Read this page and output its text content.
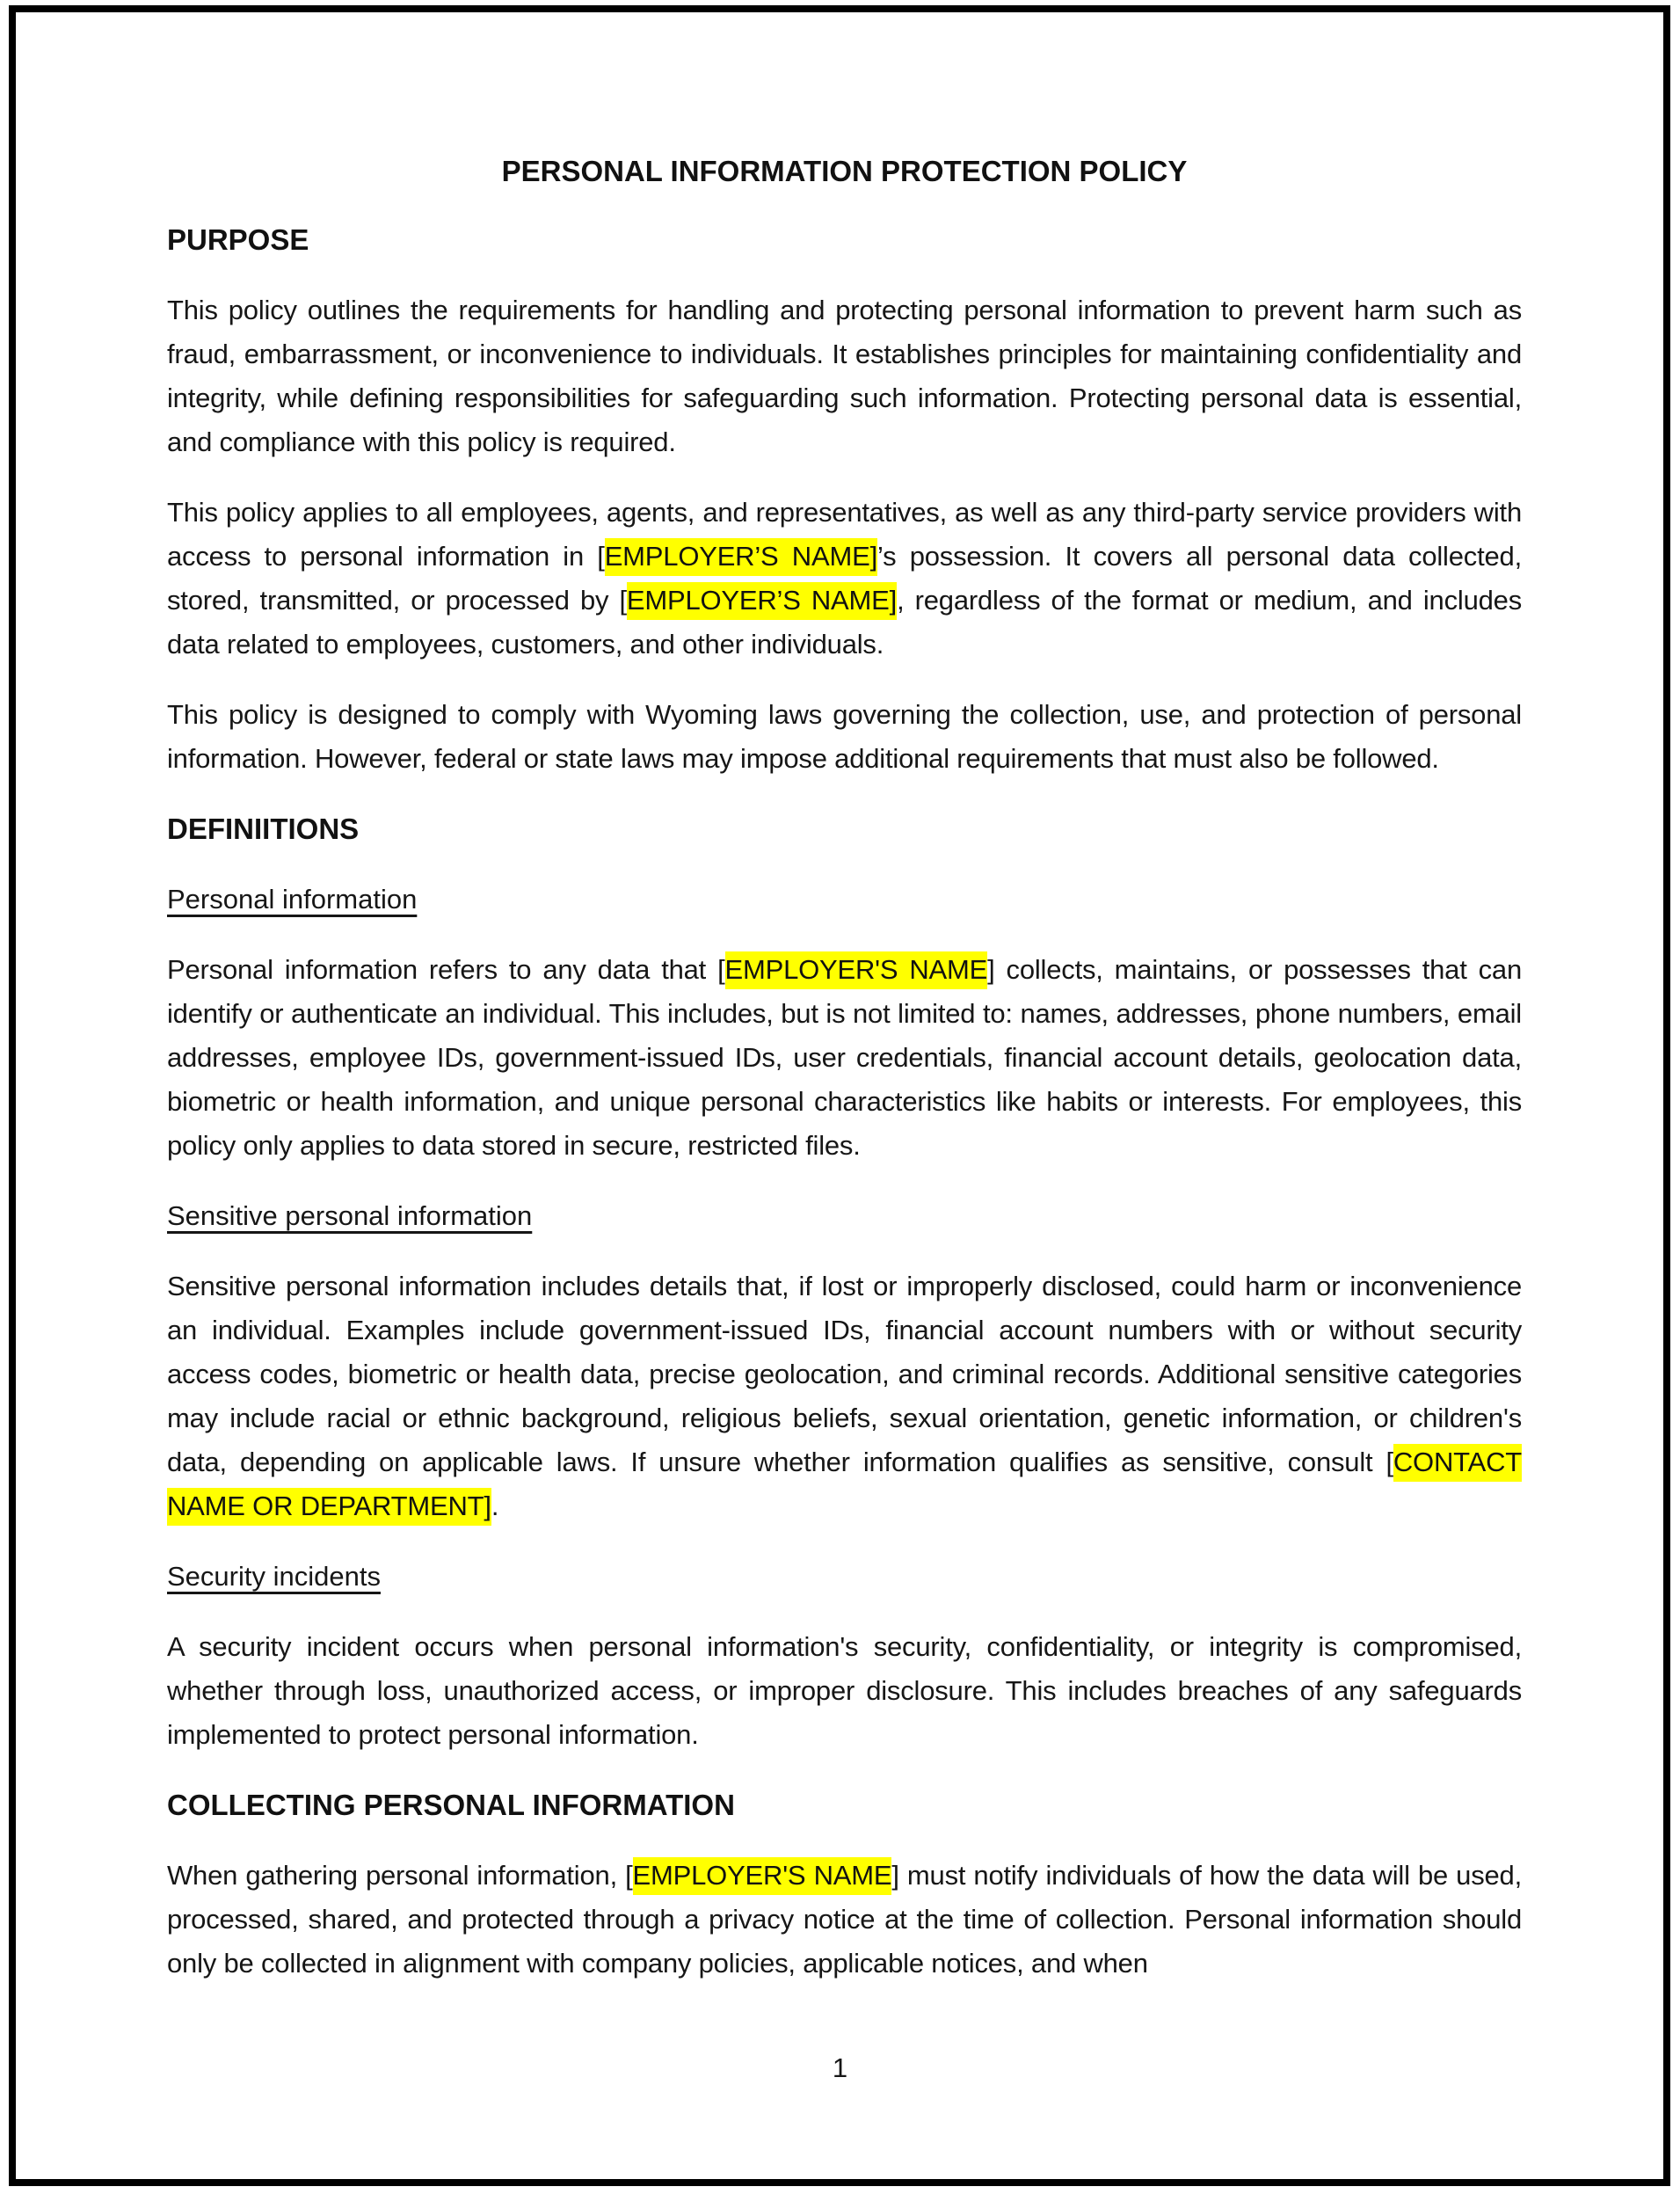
PERSONAL INFORMATION PROTECTION POLICY
PURPOSE

This policy outlines the requirements for handling and protecting personal information to prevent harm such as fraud, embarrassment, or inconvenience to individuals. It establishes principles for maintaining confidentiality and integrity, while defining responsibilities for safeguarding such information. Protecting personal data is essential, and compliance with this policy is required.

This policy applies to all employees, agents, and representatives, as well as any third-party service providers with access to personal information in [EMPLOYER’S NAME]’s possession. It covers all personal data collected, stored, transmitted, or processed by [EMPLOYER’S NAME], regardless of the format or medium, and includes data related to employees, customers, and other individuals.

This policy is designed to comply with Wyoming laws governing the collection, use, and protection of personal information. However, federal or state laws may impose additional requirements that must also be followed.

DEFINIITIONS
Personal information

Personal information refers to any data that [EMPLOYER'S NAME] collects, maintains, or possesses that can identify or authenticate an individual. This includes, but is not limited to: names, addresses, phone numbers, email addresses, employee IDs, government-issued IDs, user credentials, financial account details, geolocation data, biometric or health information, and unique personal characteristics like habits or interests. For employees, this policy only applies to data stored in secure, restricted files.

Sensitive personal information

Sensitive personal information includes details that, if lost or improperly disclosed, could harm or inconvenience an individual. Examples include government-issued IDs, financial account numbers with or without security access codes, biometric or health data, precise geolocation, and criminal records. Additional sensitive categories may include racial or ethnic background, religious beliefs, sexual orientation, genetic information, or children's data, depending on applicable laws. If unsure whether information qualifies as sensitive, consult [CONTACT NAME OR DEPARTMENT].

Security incidents

A security incident occurs when personal information's security, confidentiality, or integrity is compromised, whether through loss, unauthorized access, or improper disclosure. This includes breaches of any safeguards implemented to protect personal information.

COLLECTING PERSONAL INFORMATION

When gathering personal information, [EMPLOYER'S NAME] must notify individuals of how the data will be used, processed, shared, and protected through a privacy notice at the time of collection. Personal information should only be collected in alignment with company policies, applicable notices, and when

1
